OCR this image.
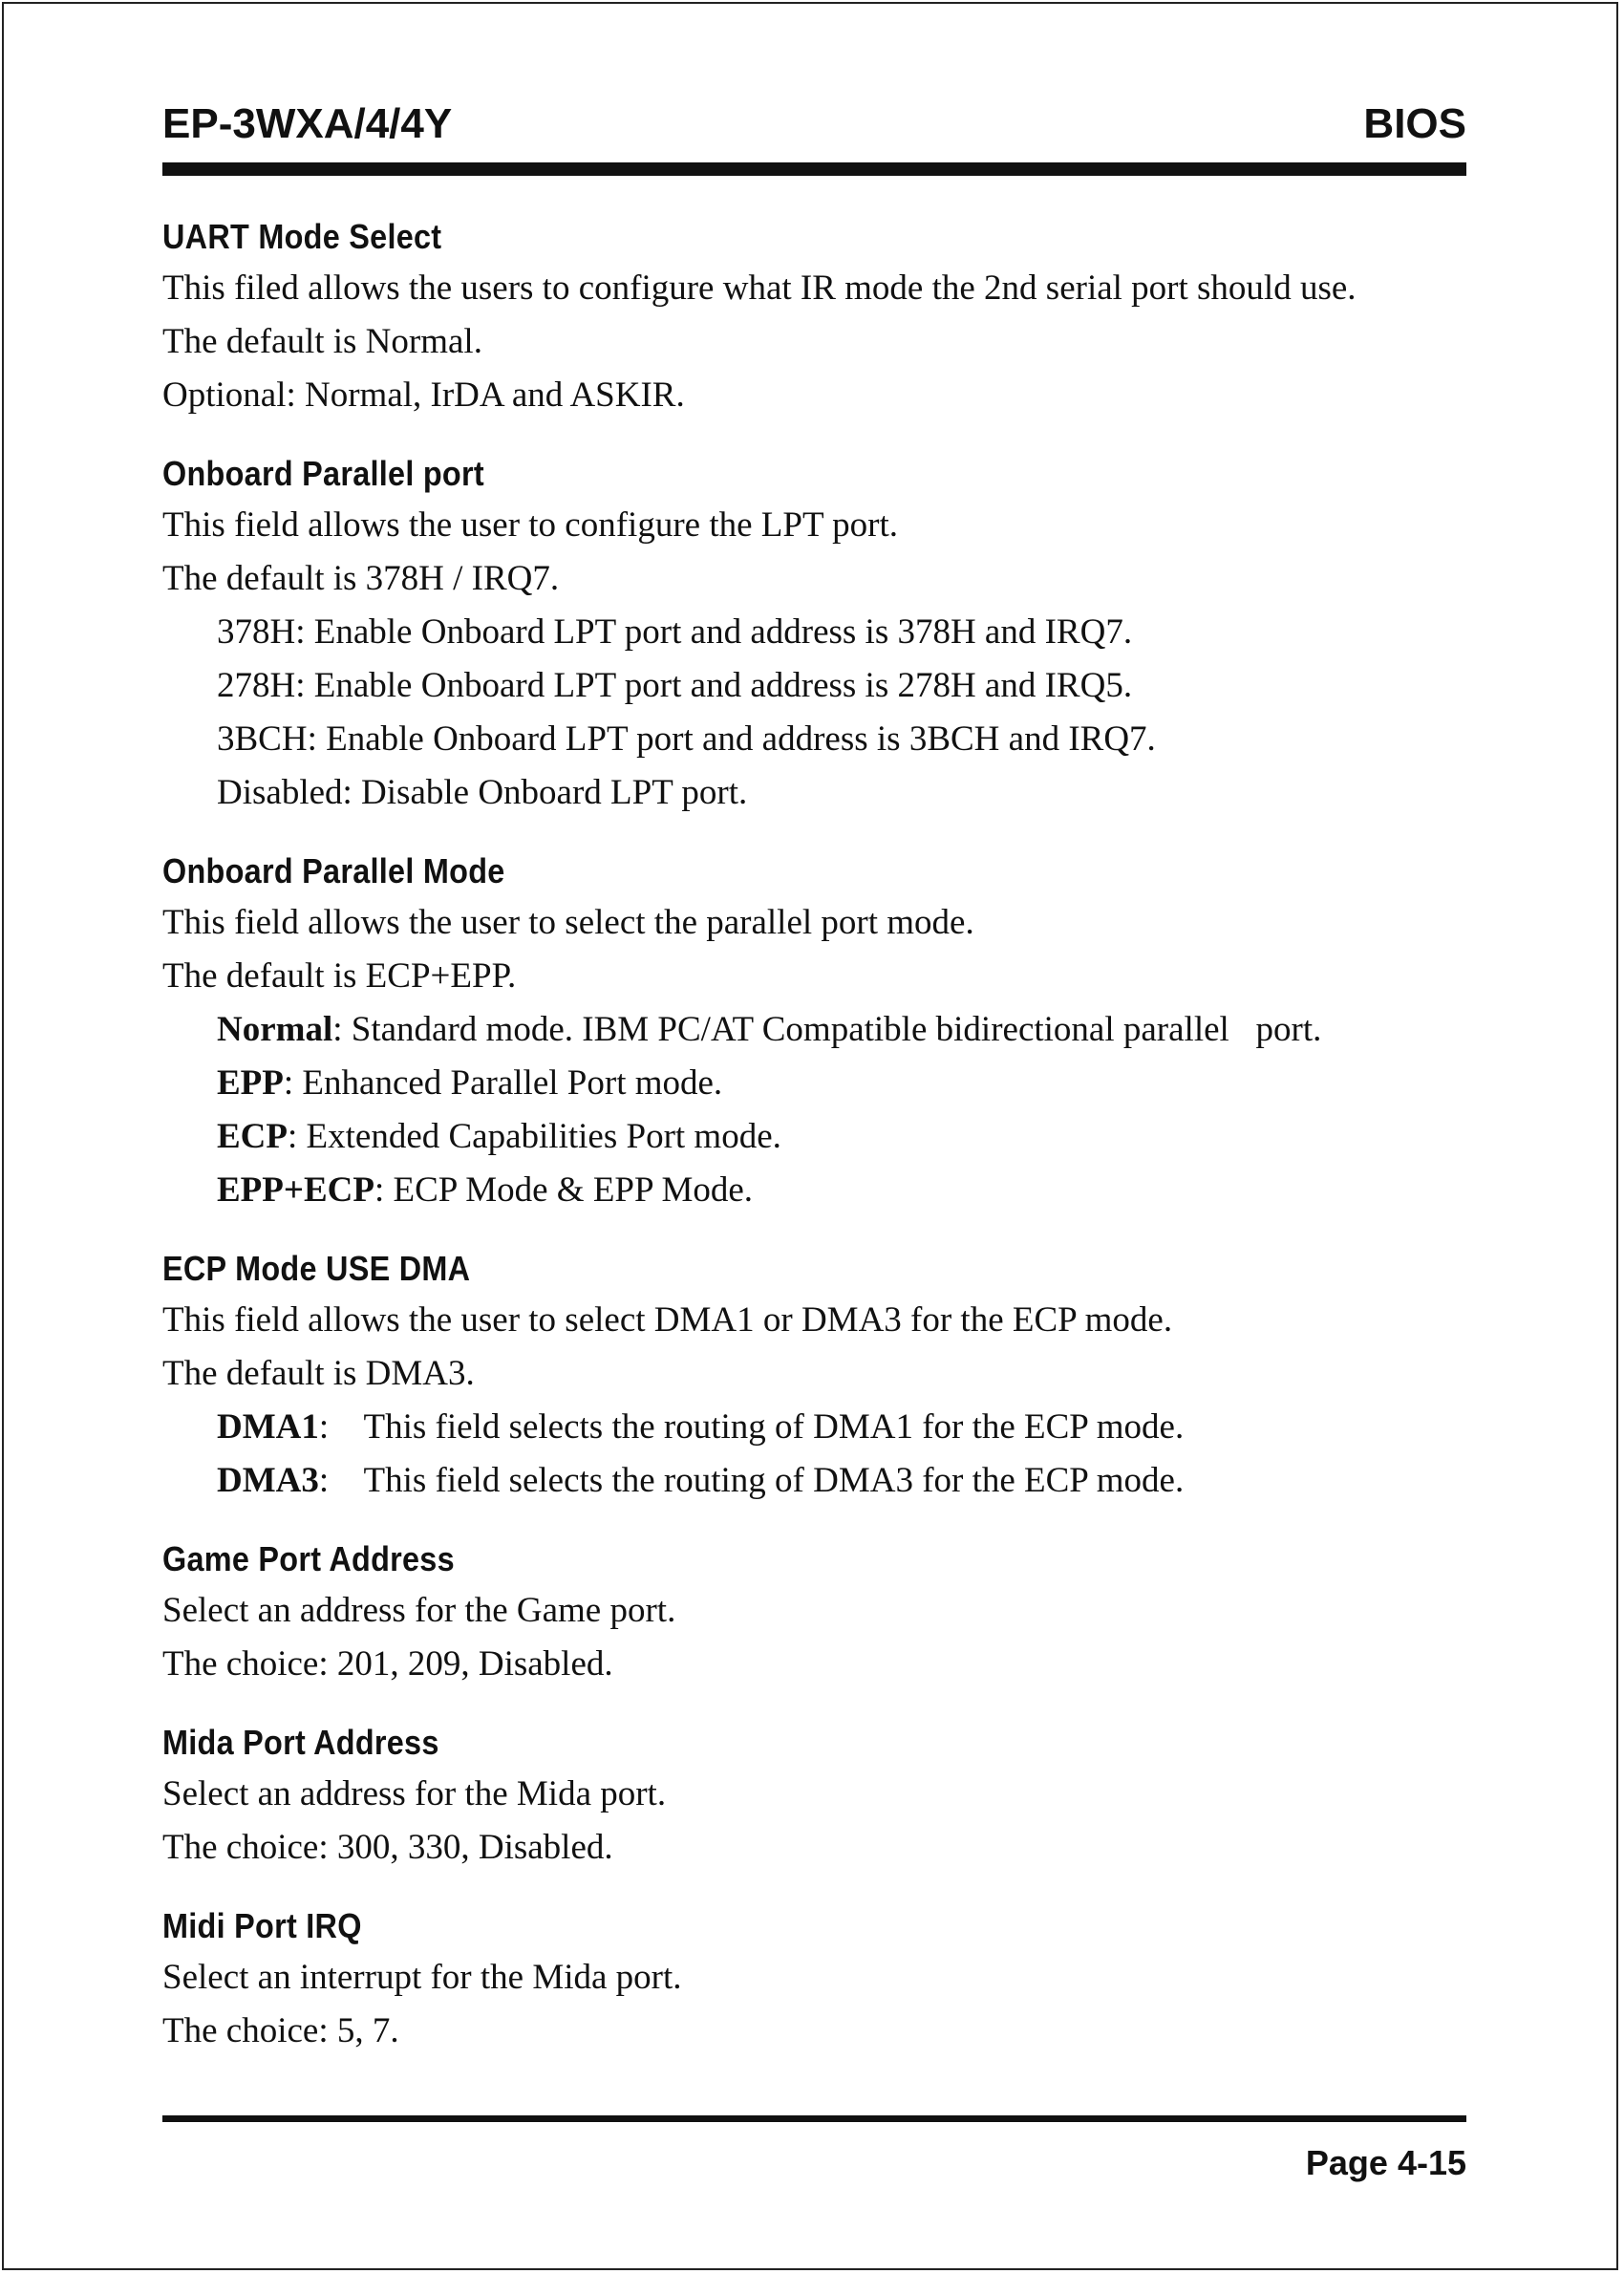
EP-3WXA/4/4Y	BIOS
UART Mode Select
This filed allows the users to configure what IR mode the 2nd serial port should use.
The default is Normal.
Optional: Normal, IrDA and ASKIR.
Onboard Parallel port
This field allows the user to configure the LPT port.
The default is 378H / IRQ7.
378H: Enable Onboard LPT port and address is 378H and IRQ7.
278H: Enable Onboard LPT port and address is 278H and IRQ5.
3BCH: Enable Onboard LPT port and address is 3BCH and IRQ7.
Disabled: Disable Onboard LPT port.
Onboard Parallel Mode
This field allows the user to select the parallel port mode.
The default is ECP+EPP.
Normal: Standard mode. IBM PC/AT Compatible bidirectional parallel   port.
EPP: Enhanced Parallel Port mode.
ECP: Extended Capabilities Port mode.
EPP+ECP: ECP Mode & EPP Mode.
ECP Mode USE DMA
This field allows the user to select DMA1 or DMA3 for the ECP mode.
The default is DMA3.
DMA1:    This field selects the routing of DMA1 for the ECP mode.
DMA3:    This field selects the routing of DMA3 for the ECP mode.
Game Port Address
Select an address for the Game port.
The choice: 201, 209, Disabled.
Mida Port Address
Select an address for the Mida port.
The choice: 300, 330, Disabled.
Midi Port IRQ
Select an interrupt for the Mida port.
The choice: 5, 7.
Page 4-15
